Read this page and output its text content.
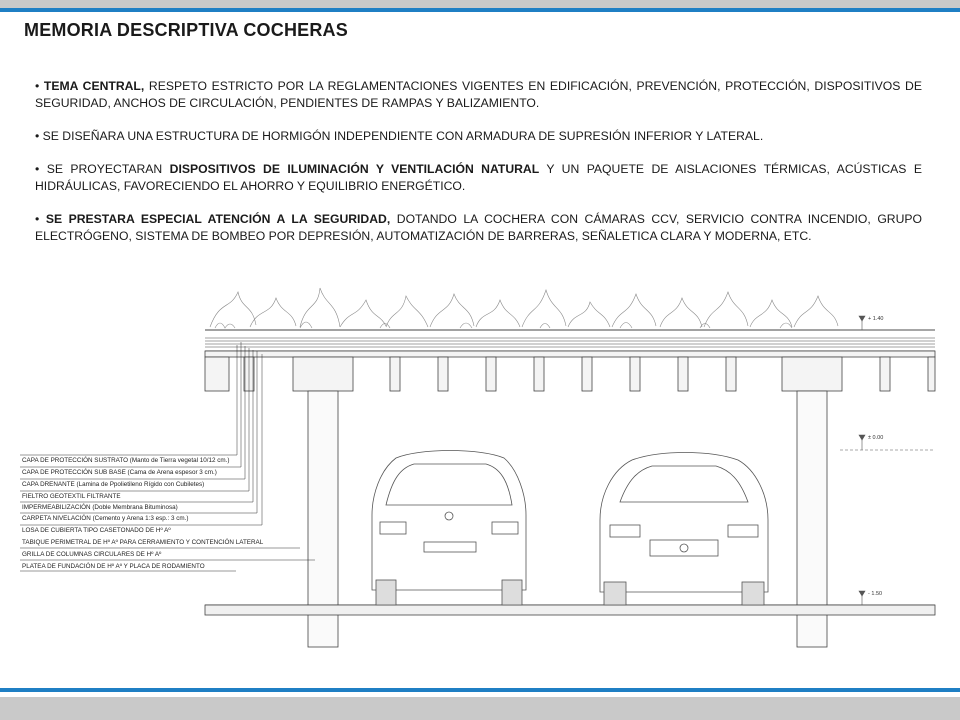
MEMORIA DESCRIPTIVA COCHERAS

• TEMA CENTRAL, RESPETO ESTRICTO POR LA REGLAMENTACIONES VIGENTES EN EDIFICACIÓN, PREVENCIÓN, PROTECCIÓN, DISPOSITIVOS DE SEGURIDAD, ANCHOS DE CIRCULACIÓN, PENDIENTES DE RAMPAS Y BALIZAMIENTO.

• SE DISEÑARA UNA ESTRUCTURA DE HORMIGÓN INDEPENDIENTE CON ARMADURA DE SUPRESIÓN INFERIOR Y LATERAL.

• SE PROYECTARAN DISPOSITIVOS DE ILUMINACIÓN Y VENTILACIÓN NATURAL Y UN PAQUETE DE AISLACIONES TÉRMICAS, ACÚSTICAS E HIDRÁULICAS, FAVORECIENDO EL AHORRO Y EQUILIBRIO ENERGÉTICO.

• SE PRESTARA ESPECIAL ATENCIÓN A LA SEGURIDAD, DOTANDO LA COCHERA CON CÁMARAS CCV, SERVICIO CONTRA INCENDIO, GRUPO ELECTRÓGENO, SISTEMA DE BOMBEO POR DEPRESIÓN, AUTOMATIZACIÓN DE BARRERAS, SEÑALETICA CLARA Y MODERNA, ETC.

+ 1.40
± 0.00
- 1.50
CAPA DE PROTECCIÓN SUSTRATO (Manto de Tierra vegetal 10/12 cm.)
CAPA DE PROTECCIÓN SUB BASE (Cama de Arena espesor 3 cm.)
CAPA DRENANTE (Lamina de Ppolietileno Rígido con Cubiletes)
FIELTRO GEOTEXTIL FILTRANTE
IMPERMEABILIZACIÓN (Doble Membrana Bituminosa)
CARPETA NIVELACIÓN (Cemento y Arena 1:3 esp.: 3 cm.)
LOSA DE CUBIERTA TIPO CASETONADO DE Hº Aº
TABIQUE PERIMETRAL DE Hº Aº PARA CERRAMIENTO Y CONTENCIÓN LATERAL
GRILLA DE COLUMNAS CIRCULARES DE Hº Aº
PLATEA DE FUNDACIÓN DE Hº Aº Y PLACA DE RODAMIENTO
